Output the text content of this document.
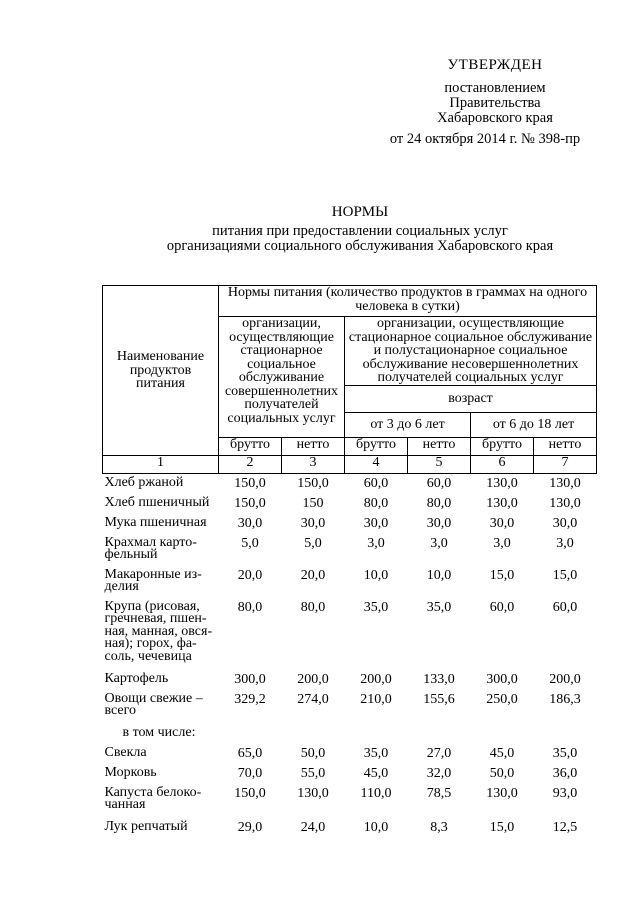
УТВЕРЖДЕН
постановлением
Правительства
Хабаровского края
от 24 октября 2014 г. № 398-пр
НОРМЫ
питания при предоставлении социальных услуг
организациями социального обслуживания Хабаровского края
Наименование продуктов питания	Нормы питания (количество продуктов в граммах на одного человека в сутки)					
	организации, осуществляющие стационарное социальное обслуживание совершеннолетних получателей социальных услуг		организации, осуществляющие стационарное социальное обслуживание и полустационарное социальное обслуживание несовершеннолетних получателей социальных услуг			
			возраст			
			от 3 до 6 лет		от 6 до 18 лет	
	брутто	нетто	брутто	нетто	брутто	нетто
1	2	3	4	5	6	7
Хлеб ржаной	150,0	150,0	60,0	60,0	130,0	130,0
Хлеб пшеничный	150,0	150	80,0	80,0	130,0	130,0
Мука пшеничная	30,0	30,0	30,0	30,0	30,0	30,0
Крахмал карто- фельный	5,0	5,0	3,0	3,0	3,0	3,0
Макаронные из- делия	20,0	20,0	10,0	10,0	15,0	15,0
Крупа (рисовая, гречневая, пшен- ная, манная, овся- ная); горох, фа- соль, чечевица	80,0	80,0	35,0	35,0	60,0	60,0
Картофель	300,0	200,0	200,0	133,0	300,0	200,0
Овощи свежие – всего	329,2	274,0	210,0	155,6	250,0	186,3
в том числе:						
Свекла	65,0	50,0	35,0	27,0	45,0	35,0
Морковь	70,0	55,0	45,0	32,0	50,0	36,0
Капуста белоко- чанная	150,0	130,0	110,0	78,5	130,0	93,0
Лук репчатый	29,0	24,0	10,0	8,3	15,0	12,5
